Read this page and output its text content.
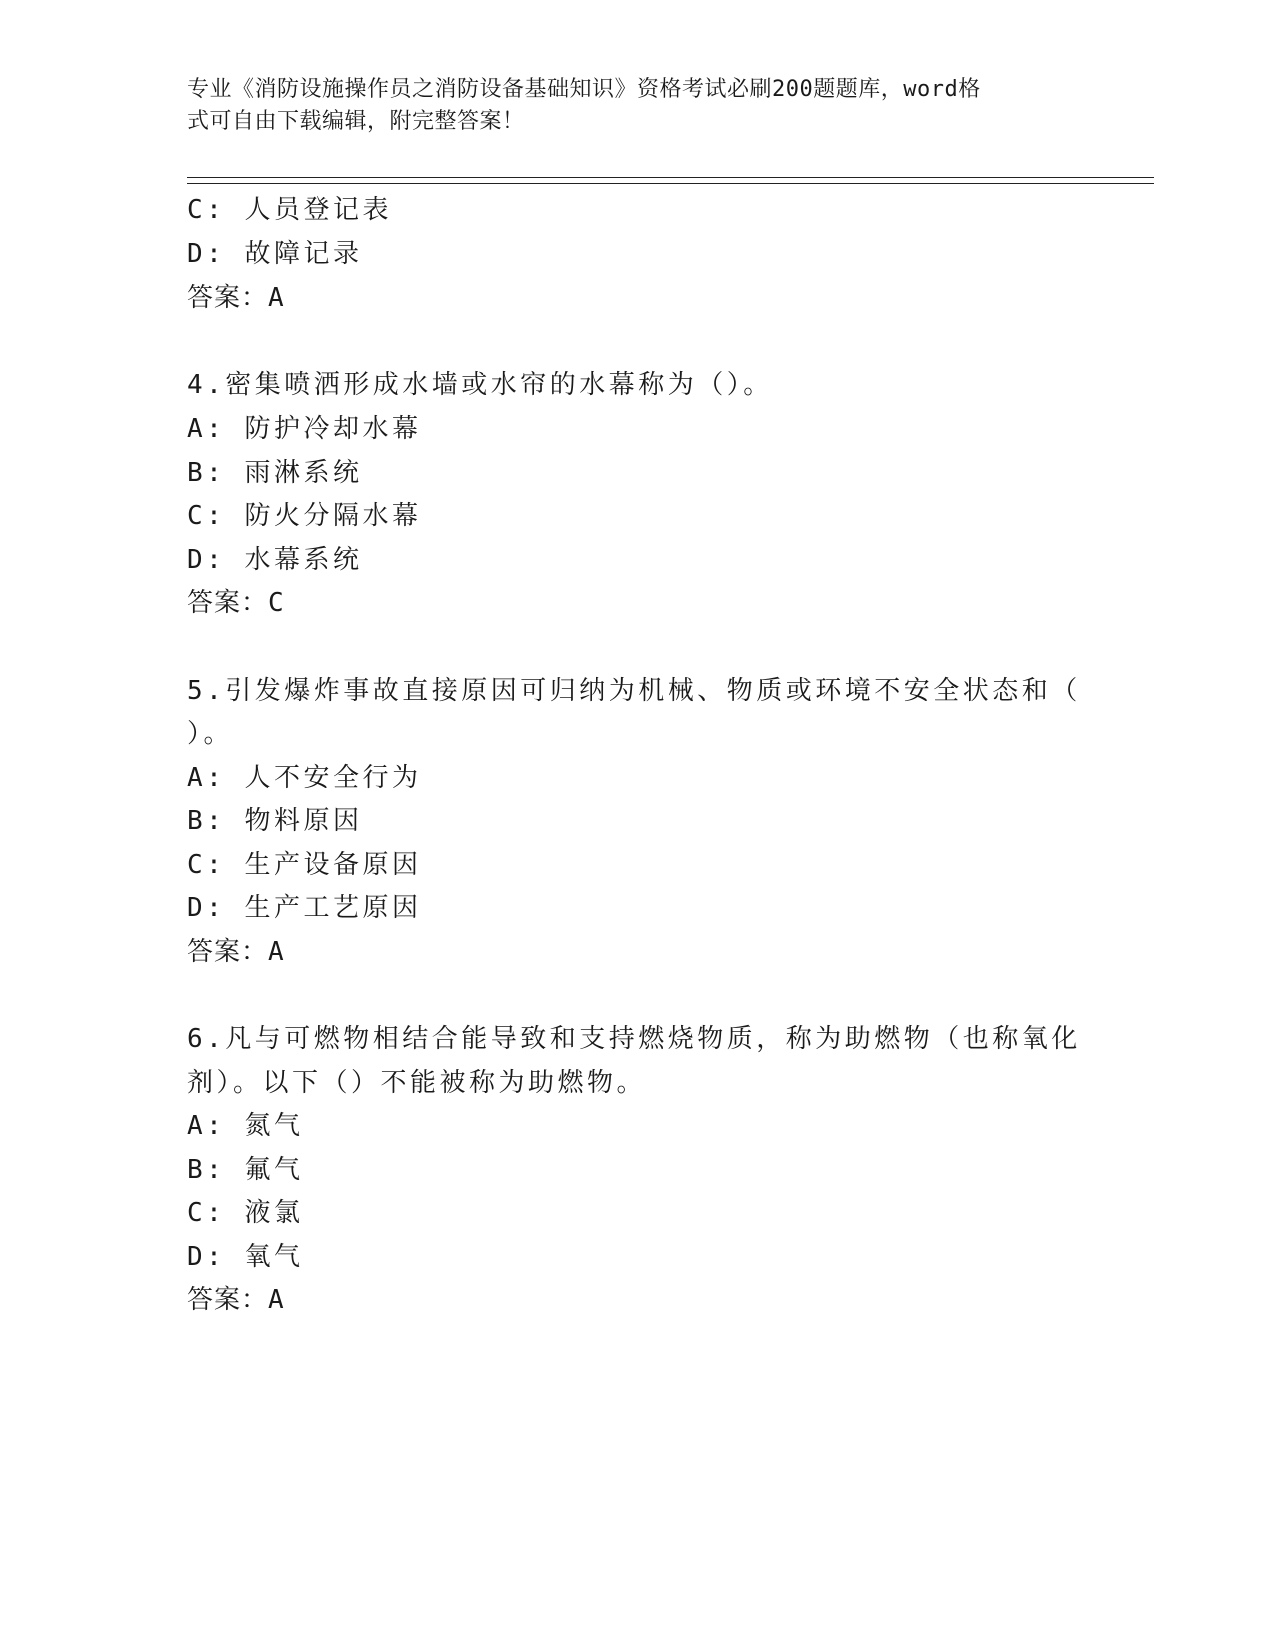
专业《消防设施操作员之消防设备基础知识》资格考试必刷200题题库，word格
式可自由下载编辑，附完整答案！
C: 人员登记表
D: 故障记录
答案：A
4.密集喷洒形成水墙或水帘的水幕称为（）。
A: 防护冷却水幕
B: 雨淋系统
C: 防火分隔水幕
D: 水幕系统
答案：C
5.引发爆炸事故直接原因可归纳为机械、物质或环境不安全状态和（
）。
A: 人不安全行为
B: 物料原因
C: 生产设备原因
D: 生产工艺原因
答案：A
6.凡与可燃物相结合能导致和支持燃烧物质，称为助燃物（也称氧化
剂）。以下（）不能被称为助燃物。
A: 氮气
B: 氟气
C: 液氯
D: 氧气
答案：A
